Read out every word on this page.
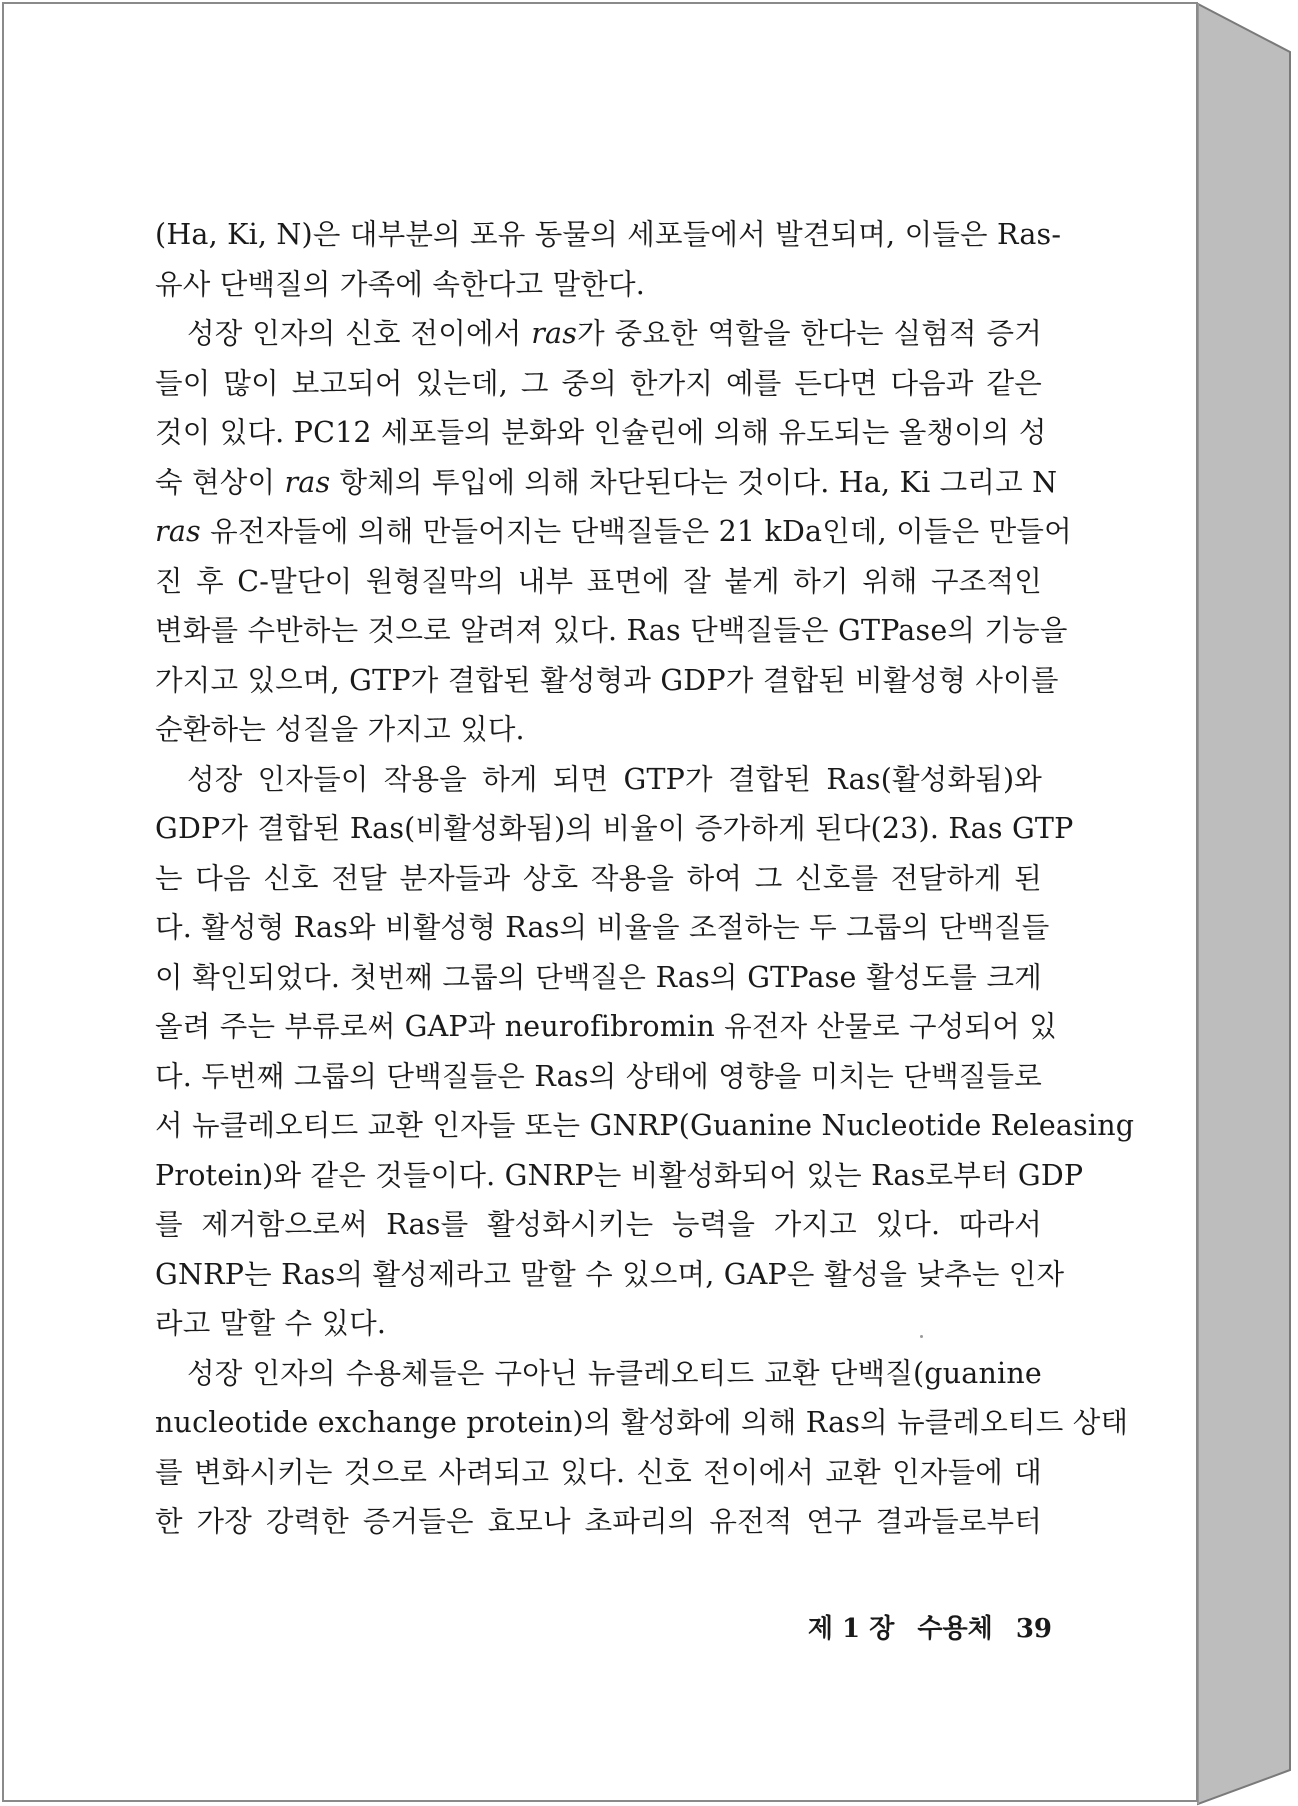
(Ha, Ki, N)은 대부분의 포유 동물의 세포들에서 발견되며, 이들은 Ras-
유사 단백질의 가족에 속한다고 말한다.

성장 인자의 신호 전이에서 ras가 중요한 역할을 한다는 실험적 증거
들이 많이 보고되어 있는데, 그 중의 한가지 예를 든다면 다음과 같은
것이 있다. PC12 세포들의 분화와 인슐린에 의해 유도되는 올챙이의 성
숙 현상이 ras 항체의 투입에 의해 차단된다는 것이다. Ha, Ki 그리고 N
ras 유전자들에 의해 만들어지는 단백질들은 21 kDa인데, 이들은 만들어
진 후 C-말단이 원형질막의 내부 표면에 잘 붙게 하기 위해 구조적인
변화를 수반하는 것으로 알려져 있다. Ras 단백질들은 GTPase의 기능을
가지고 있으며, GTP가 결합된 활성형과 GDP가 결합된 비활성형 사이를
순환하는 성질을 가지고 있다.

성장 인자들이 작용을 하게 되면 GTP가 결합된 Ras(활성화됨)와
GDP가 결합된 Ras(비활성화됨)의 비율이 증가하게 된다(23). Ras GTP
는 다음 신호 전달 분자들과 상호 작용을 하여 그 신호를 전달하게 된
다. 활성형 Ras와 비활성형 Ras의 비율을 조절하는 두 그룹의 단백질들
이 확인되었다. 첫번째 그룹의 단백질은 Ras의 GTPase 활성도를 크게
올려 주는 부류로써 GAP과 neurofibromin 유전자 산물로 구성되어 있
다. 두번째 그룹의 단백질들은 Ras의 상태에 영향을 미치는 단백질들로
서 뉴클레오티드 교환 인자들 또는 GNRP(Guanine Nucleotide Releasing
Protein)와 같은 것들이다. GNRP는 비활성화되어 있는 Ras로부터 GDP
를 제거함으로써 Ras를 활성화시키는 능력을 가지고 있다. 따라서
GNRP는 Ras의 활성제라고 말할 수 있으며, GAP은 활성을 낮추는 인자
라고 말할 수 있다.

성장 인자의 수용체들은 구아닌 뉴클레오티드 교환 단백질(guanine
nucleotide exchange protein)의 활성화에 의해 Ras의 뉴클레오티드 상태
를 변화시키는 것으로 사려되고 있다. 신호 전이에서 교환 인자들에 대
한 가장 강력한 증거들은 효모나 초파리의 유전적 연구 결과들로부터

제 1 장 수용체 39
